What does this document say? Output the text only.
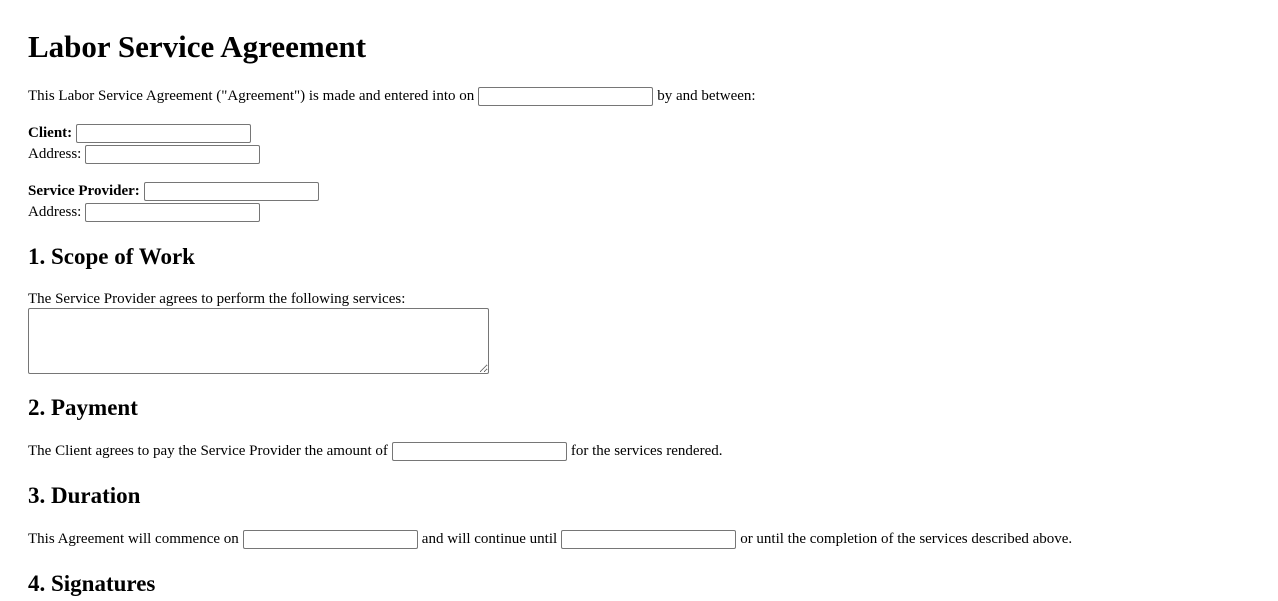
Labor Service Agreement
This Labor Service Agreement ("Agreement") is made and entered into on	by and between:
Client:
Address:
Service Provider:
Address:
1. Scope of Work
The Service Provider agrees to perform the following services:
2. Payment
The Client agrees to pay the Service Provider the amount of	for the services rendered.
3. Duration
This Agreement will commence on	and will continue until	or until the completion of the services described above.
4. Signatures
